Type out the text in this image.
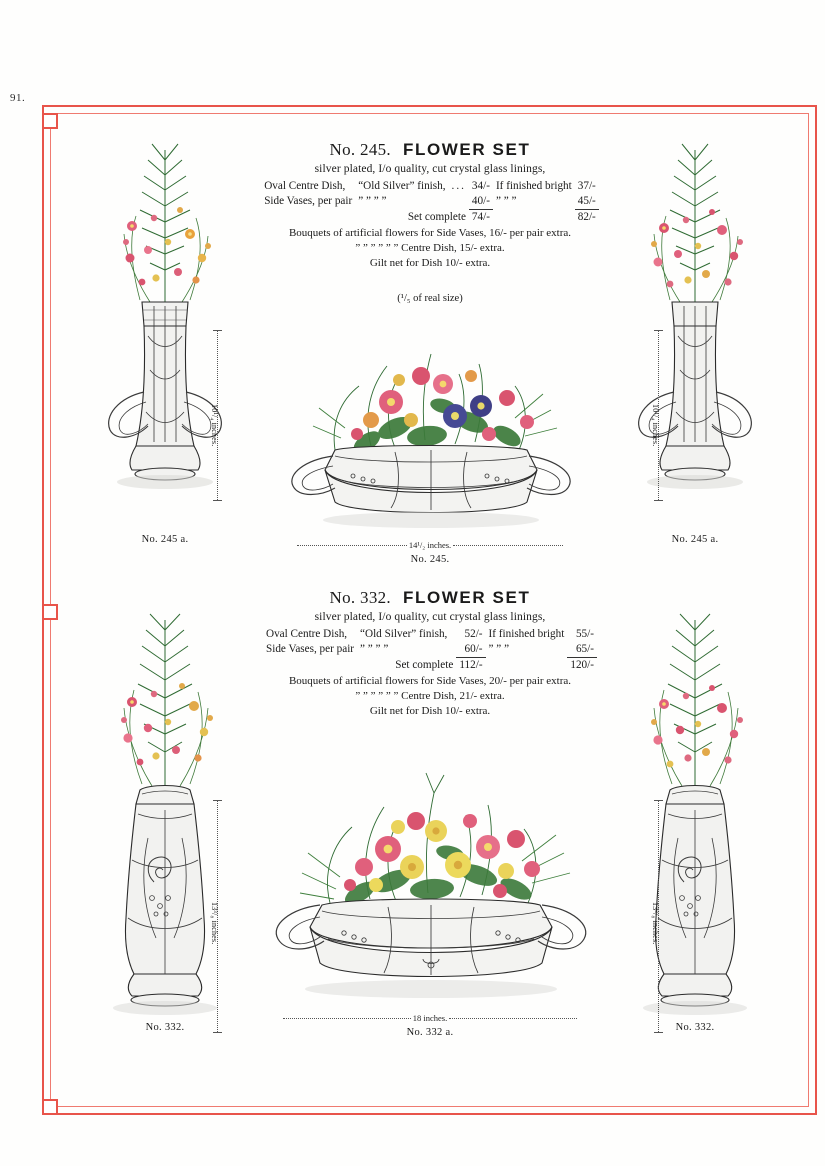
91.
No. 245. FLOWER SET
silver plated, I/o quality, cut crystal glass linings,
Oval Centre Dish,	“Old Silver” finish,	...	34/-	If finished bright	37/-
Side Vases, per pair	” ” ” ”		40/-	” ” ”	45/-
	Set complete		74/-		82/-
Bouquets of artificial flowers for Side Vases, 16/- per pair extra.
” ” ” ” ” ” Centre Dish, 15/- extra.
Gilt net for Dish 10/- extra.
(¹/₅ of real size)
No. 245 a.
10¹/₄ inches.
14¹/₂ inches.
No. 245.
No. 245 a.
10¹/₄ inches.
No. 332. FLOWER SET
silver plated, I/o quality, cut crystal glass linings,
Oval Centre Dish,	“Old Silver” finish,		52/-	If finished bright	55/-
Side Vases, per pair	” ” ” ”		60/-	” ” ”	65/-
	Set complete		112/-		120/-
Bouquets of artificial flowers for Side Vases, 20/- per pair extra.
” ” ” ” ” ” Centre Dish, 21/- extra.
Gilt net for Dish 10/- extra.
No. 332.
13³/₈ inches.
18 inches.
No. 332 a.	No. 332.
13³/₈ inches.
